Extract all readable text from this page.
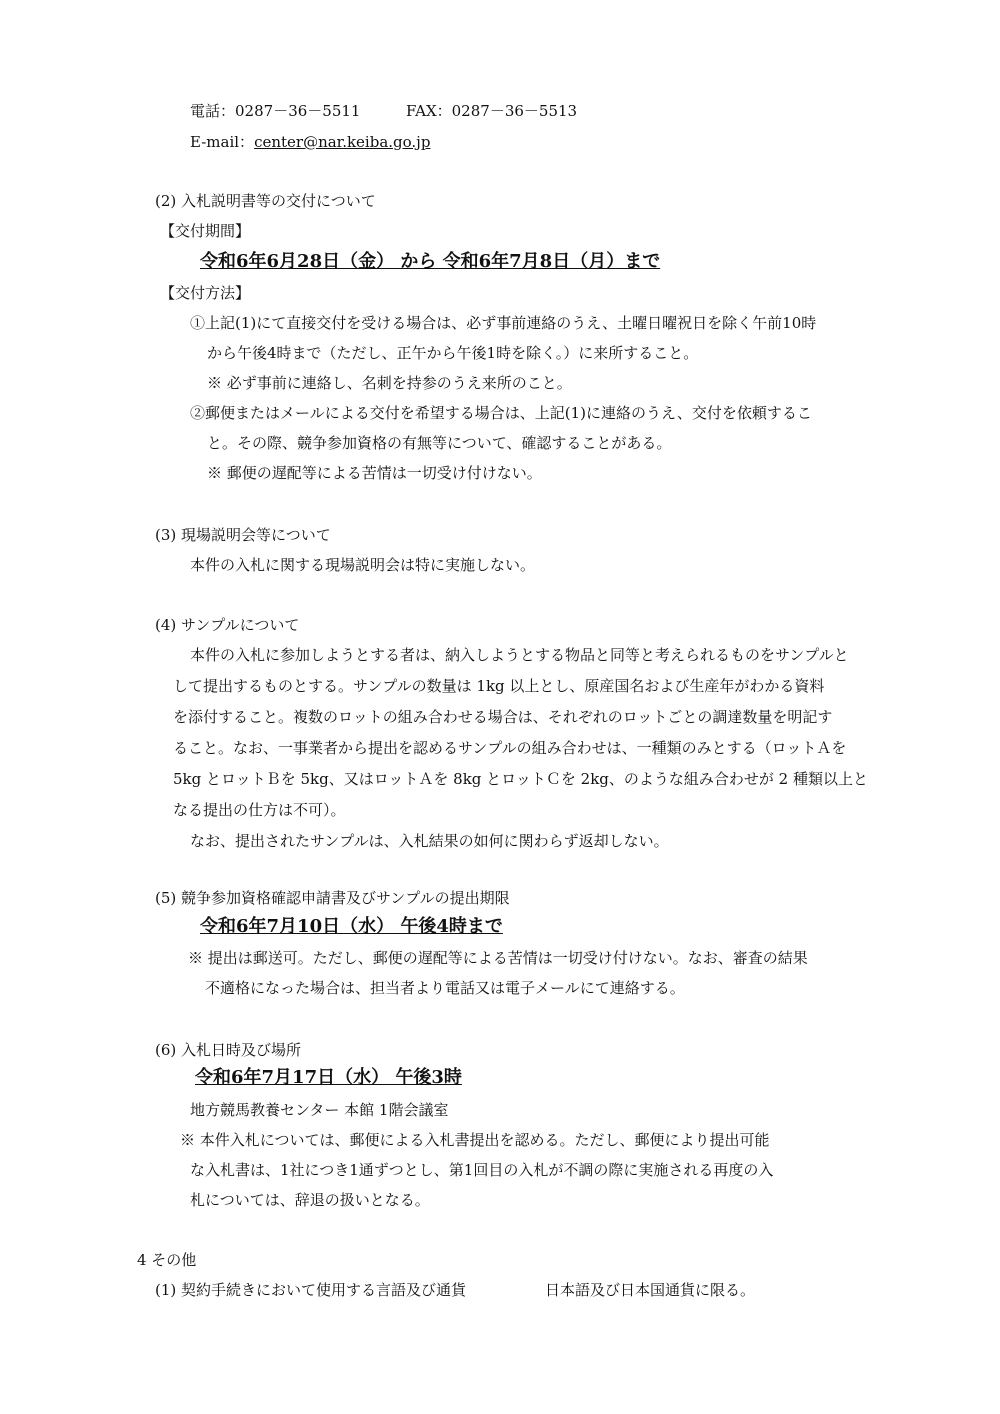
電話：0287－36－5511	FAX：0287－36－5513
E-mail：center@nar.keiba.go.jp
(2) 入札説明書等の交付について
【交付期間】
令和6年6月28日（金） から 令和6年7月8日（月）まで
【交付方法】
①上記(1)にて直接交付を受ける場合は、必ず事前連絡のうえ、土曜日曜祝日を除く午前10時
から午後4時まで（ただし、正午から午後1時を除く。）に来所すること。
※ 必ず事前に連絡し、名刺を持参のうえ来所のこと。
②郵便またはメールによる交付を希望する場合は、上記(1)に連絡のうえ、交付を依頼するこ
と。その際、競争参加資格の有無等について、確認することがある。
※ 郵便の遅配等による苦情は一切受け付けない。
(3) 現場説明会等について
本件の入札に関する現場説明会は特に実施しない。
(4) サンプルについて
本件の入札に参加しようとする者は、納入しようとする物品と同等と考えられるものをサンプルと
して提出するものとする。サンプルの数量は 1kg 以上とし、原産国名および生産年がわかる資料
を添付すること。複数のロットの組み合わせる場合は、それぞれのロットごとの調達数量を明記す
ること。なお、一事業者から提出を認めるサンプルの組み合わせは、一種類のみとする（ロットＡを
5kg とロットＢを 5kg、又はロットＡを 8kg とロットＣを 2kg、のような組み合わせが 2 種類以上と
なる提出の仕方は不可）。
なお、提出されたサンプルは、入札結果の如何に関わらず返却しない。
(5) 競争参加資格確認申請書及びサンプルの提出期限
令和6年7月10日（水） 午後4時まで
※ 提出は郵送可。ただし、郵便の遅配等による苦情は一切受け付けない。なお、審査の結果
不適格になった場合は、担当者より電話又は電子メールにて連絡する。
(6) 入札日時及び場所
令和6年7月17日（水） 午後3時
地方競馬教養センター 本館 1階会議室
※ 本件入札については、郵便による入札書提出を認める。ただし、郵便により提出可能
な入札書は、1社につき1通ずつとし、第1回目の入札が不調の際に実施される再度の入
札については、辞退の扱いとなる。
4 その他
(1) 契約手続きにおいて使用する言語及び通貨	日本語及び日本国通貨に限る。
